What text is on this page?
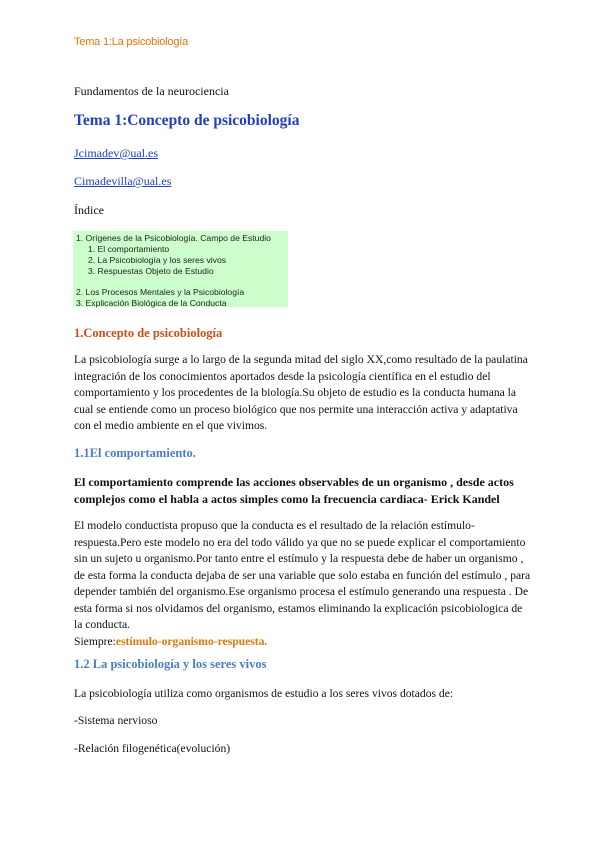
Tema 1:La psicobiología
Fundamentos de la neurociencia
Tema 1:Concepto de psicobiología
Jcimadev@ual.es
Cimadevilla@ual.es
Índice
1. Orígenes de la Psicobiología. Campo de Estudio
1. El comportamiento
2. La Psicobiología y los seres vivos
3. Respuestas Objeto de Estudio
2. Los Procesos Mentales y la Psicobiología
3. Explicación Biológica de la Conducta
1.Concepto de psicobiología
La psicobiología surge a lo largo de la segunda mitad del siglo XX,como resultado de la paulatina integración de los conocimientos aportados desde la psicología científica en el estudio del comportamiento y los procedentes de la biología.Su objeto de estudio es la conducta humana la cual se entiende como un proceso biológico que nos permite una interacción activa y adaptativa con el medio ambiente en el que vivimos.
1.1El comportamiento.
El comportamiento comprende las acciones observables de un organismo , desde actos complejos como el habla a actos simples como la frecuencia cardiaca- Erick Kandel
El modelo conductista propuso que la conducta es el resultado de la relación estímulo-respuesta.Pero este modelo no era del todo válido ya que no se puede explicar el comportamiento sin un sujeto u organismo.Por tanto entre el estímulo y la respuesta debe de haber un organismo , de esta forma la conducta dejaba de ser una variable que solo estaba en función del estímulo , para depender también del organismo.Ese organismo procesa el estímulo generando una respuesta . De esta forma si nos olvidamos del organismo, estamos eliminando la explicación psicobiologica de la conducta.
Siempre:estímulo-organismo-respuesta.
1.2 La psicobiología y los seres vivos
La psicobiología utiliza como organismos de estudio a los seres vivos dotados de:
-Sistema nervioso
-Relación filogenética(evolución)
